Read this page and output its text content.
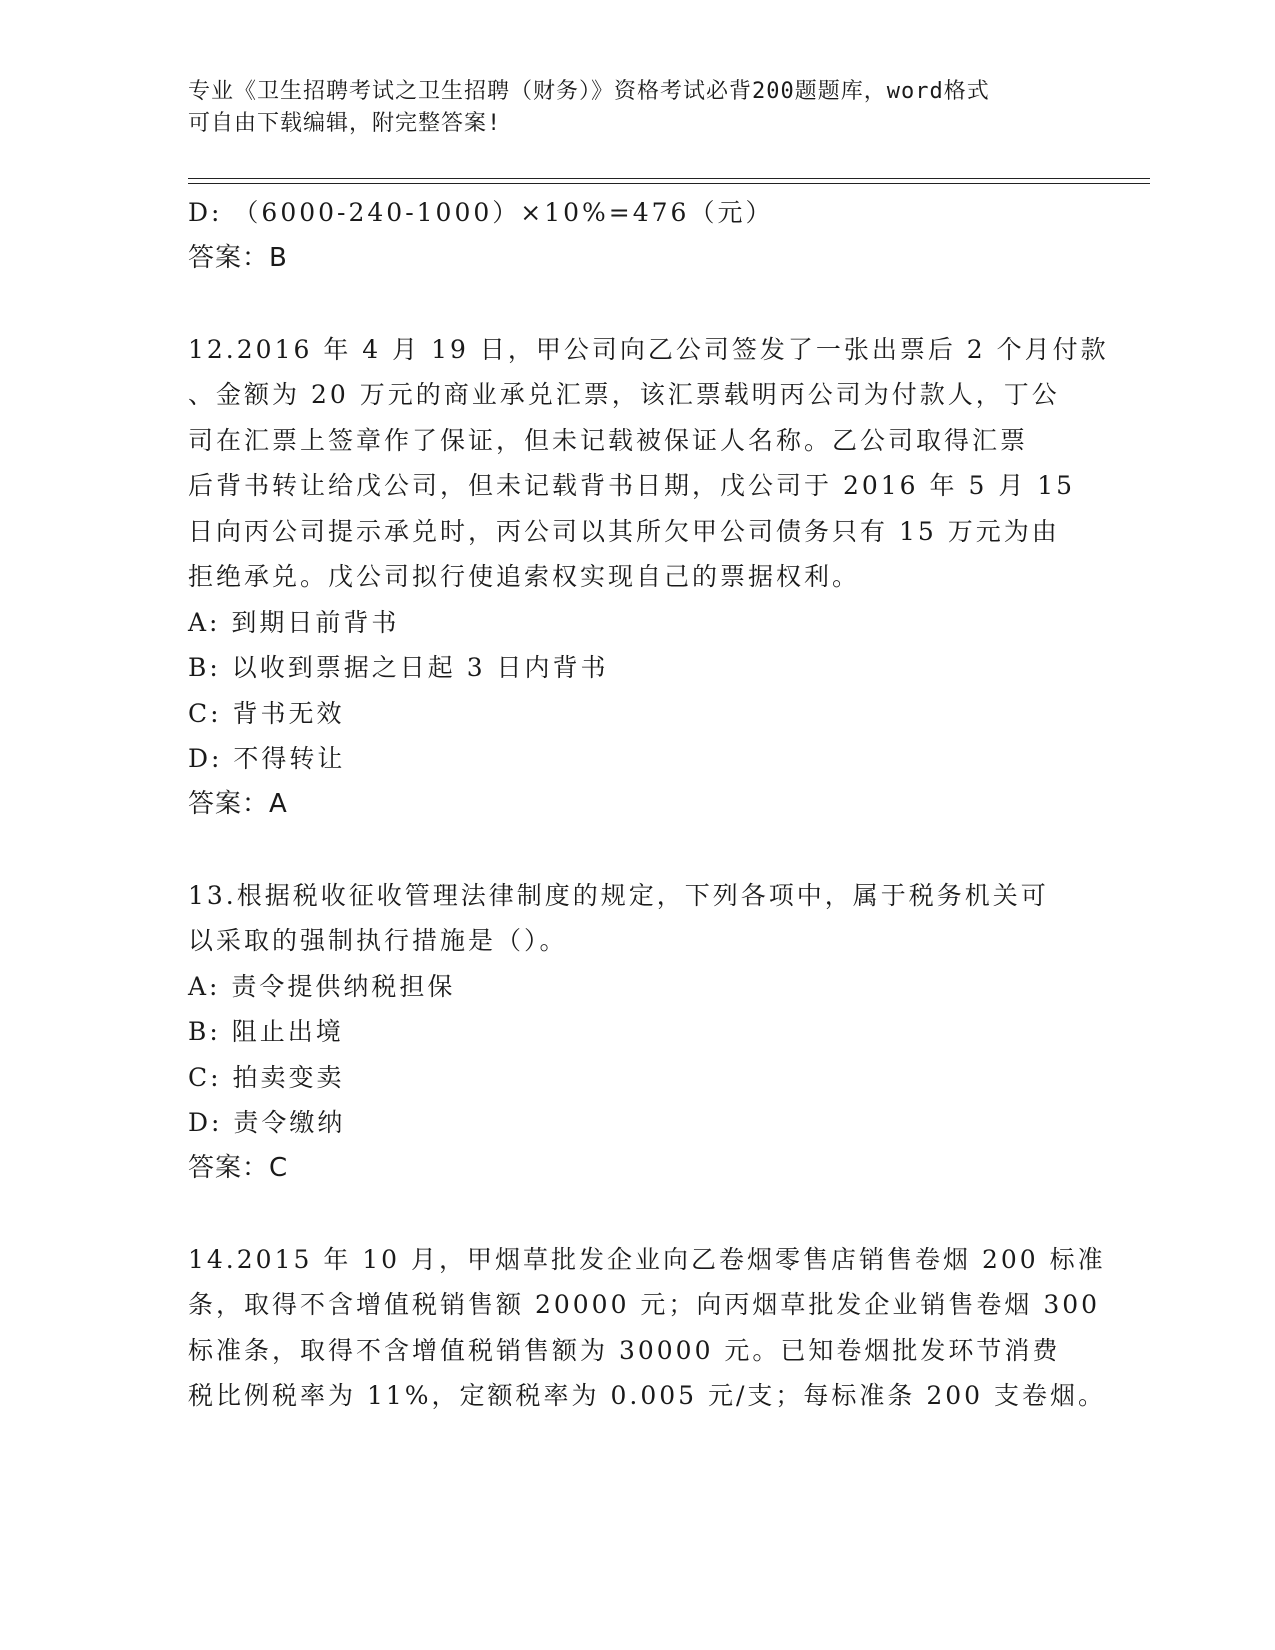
专业《卫生招聘考试之卫生招聘（财务）》资格考试必背200题题库，word格式
可自由下载编辑，附完整答案!
D: （6000-240-1000）×10%=476（元）
答案：B
12.2016 年 4 月 19 日，甲公司向乙公司签发了一张出票后 2 个月付款
、金额为 20 万元的商业承兑汇票，该汇票载明丙公司为付款人，丁公
司在汇票上签章作了保证，但未记载被保证人名称。乙公司取得汇票
后背书转让给戊公司，但未记载背书日期，戊公司于 2016 年 5 月 15
日向丙公司提示承兑时，丙公司以其所欠甲公司债务只有 15 万元为由
拒绝承兑。戊公司拟行使追索权实现自己的票据权利。
A: 到期日前背书
B: 以收到票据之日起 3 日内背书
C: 背书无效
D: 不得转让
答案：A
13.根据税收征收管理法律制度的规定，下列各项中，属于税务机关可
以采取的强制执行措施是（）。
A: 责令提供纳税担保
B: 阻止出境
C: 拍卖变卖
D: 责令缴纳
答案：C
14.2015 年 10 月，甲烟草批发企业向乙卷烟零售店销售卷烟 200 标准
条，取得不含增值税销售额 20000 元；向丙烟草批发企业销售卷烟 300
标准条，取得不含增值税销售额为 30000 元。已知卷烟批发环节消费
税比例税率为 11%，定额税率为 0.005 元/支；每标准条 200 支卷烟。
